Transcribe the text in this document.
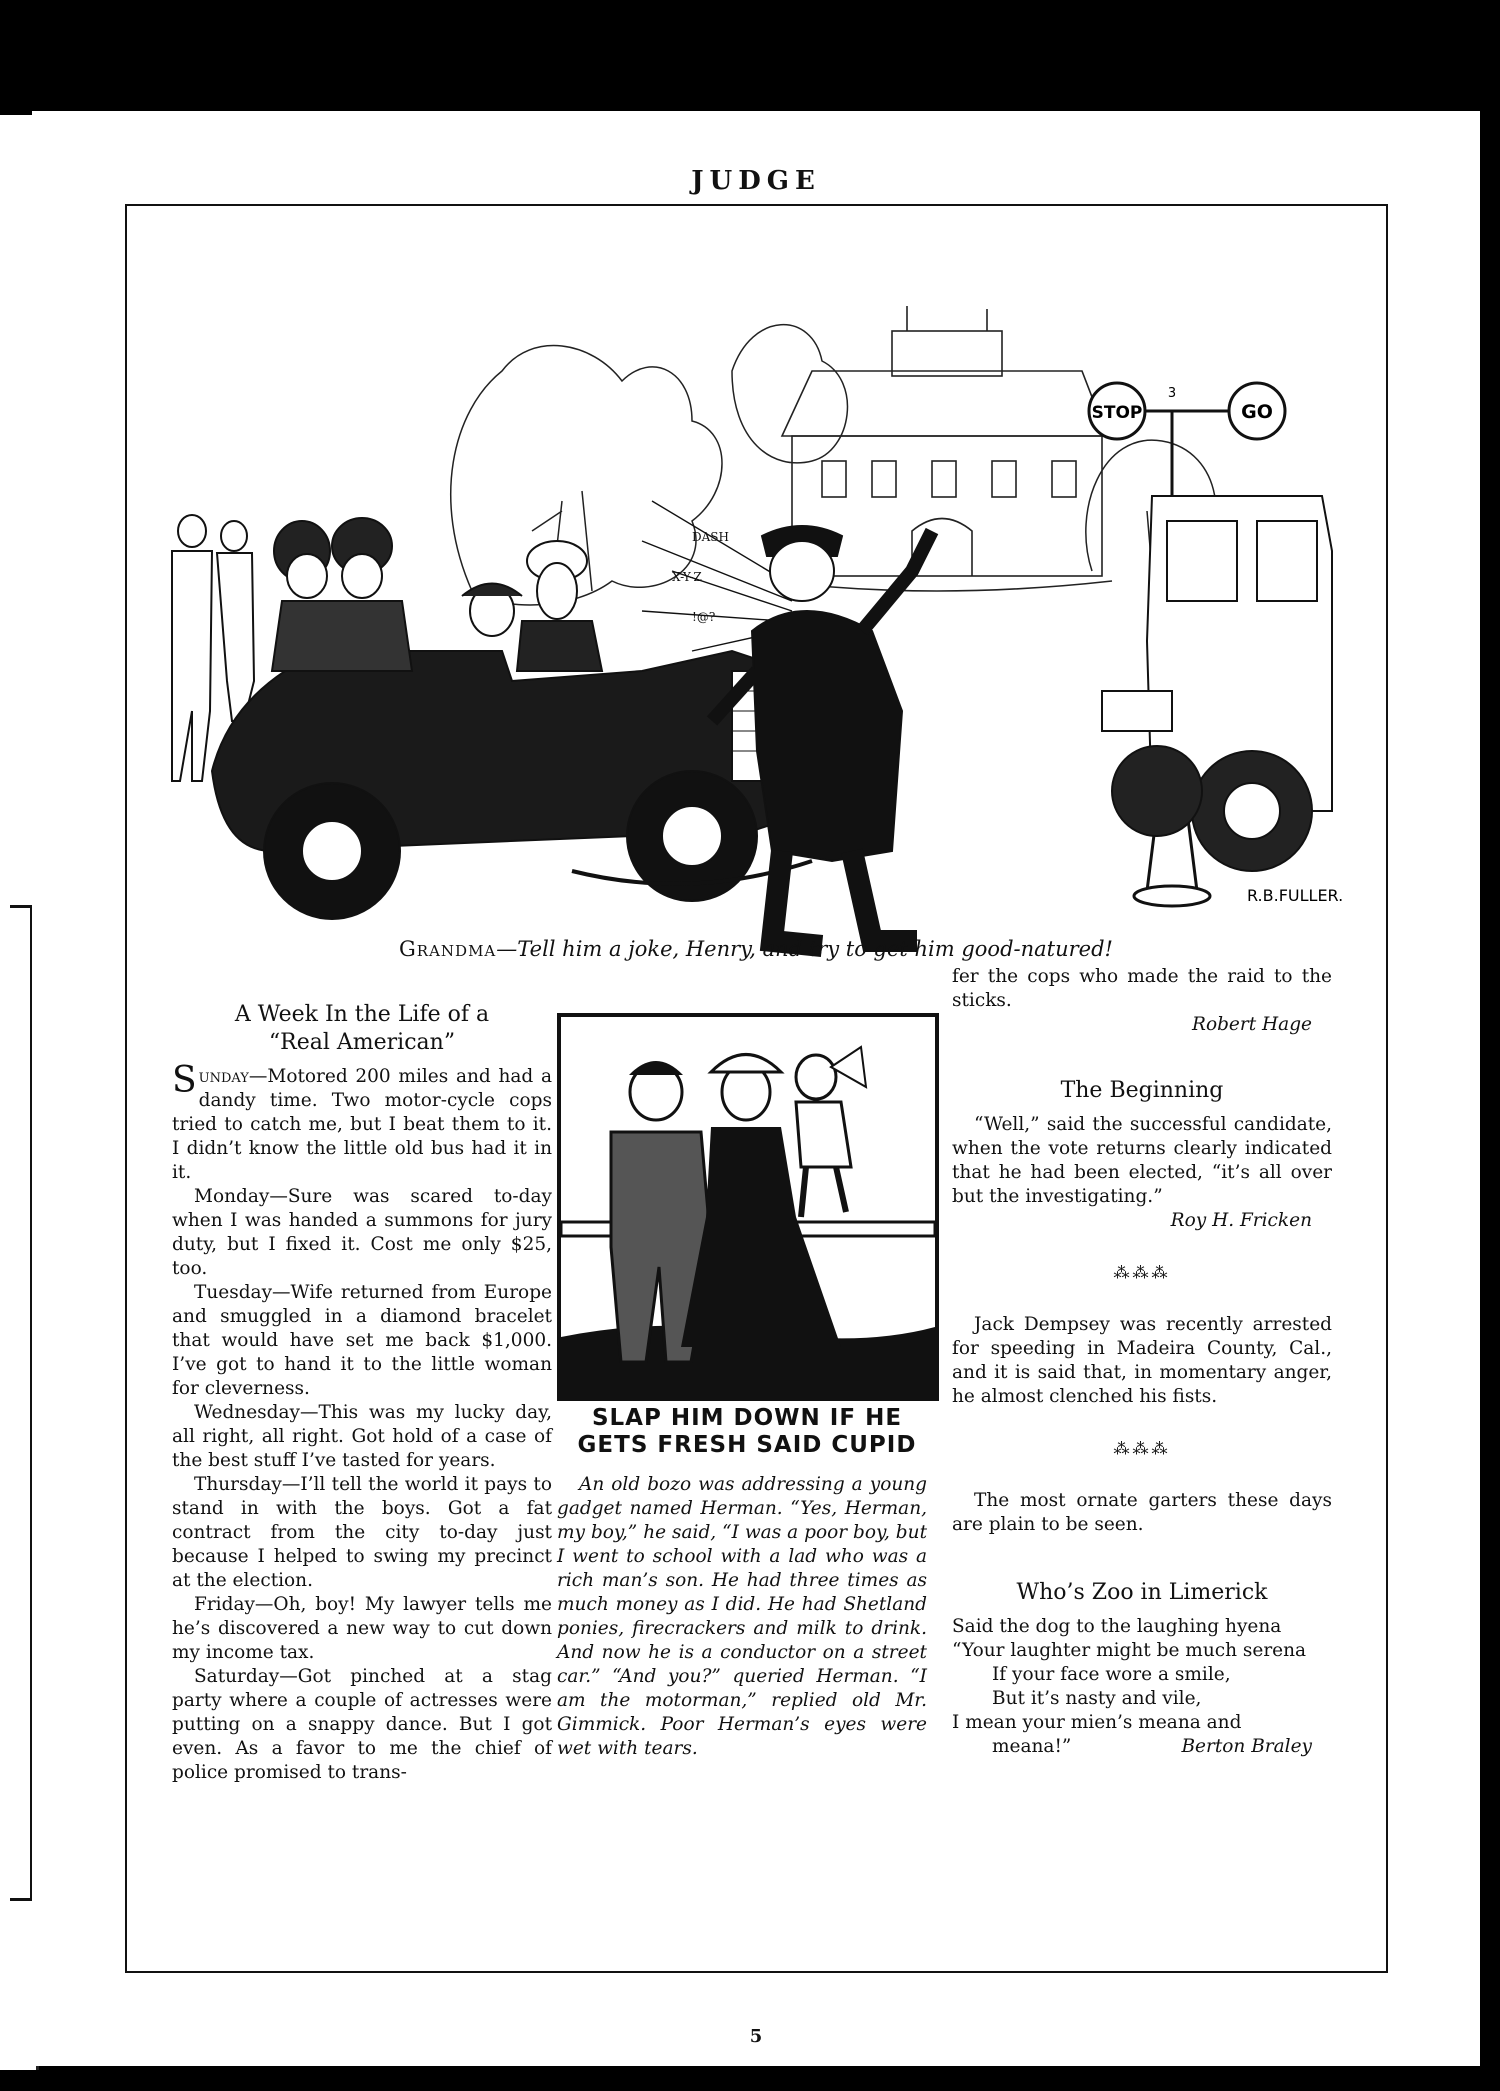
JUDGE
STOP	GO
3
DASH
X-Y-Z
!@?
R.B.FULLER.
Grandma—Tell him a joke, Henry, and try to get him good-natured!
A Week In the Life of a
“Real American”

Sunday—Motored 200 miles and had a dandy time. Two motor-cycle cops tried to catch me, but I beat them to it. I didn’t know the little old bus had it in it.

Monday—Sure was scared to-day when I was handed a summons for jury duty, but I fixed it. Cost me only $25, too.

Tuesday—Wife returned from Europe and smuggled in a diamond bracelet that would have set me back $1,000. I’ve got to hand it to the little woman for cleverness.

Wednesday—This was my lucky day, all right, all right. Got hold of a case of the best stuff I’ve tasted for years.

Thursday—I’ll tell the world it pays to stand in with the boys. Got a fat contract from the city to-day just because I helped to swing my precinct at the election.

Friday—Oh, boy! My lawyer tells me he’s discovered a new way to cut down my income tax.

Saturday—Got pinched at a stag party where a couple of actresses were putting on a snappy dance. But I got even. As a favor to me the chief of police promised to trans-

SLAP HIM DOWN IF HE
GETS FRESH SAID CUPID

An old bozo was addressing a young gadget named Herman. “Yes, Herman, my boy,” he said, “I was a poor boy, but I went to school with a lad who was a rich man’s son. He had three times as much money as I did. He had Shetland ponies, firecrackers and milk to drink. And now he is a conductor on a street car.” “And you?” queried Herman. “I am the motorman,” replied old Mr. Gimmick. Poor Herman’s eyes were wet with tears.

fer the cops who made the raid to the sticks.

Robert Hage
The Beginning

“Well,” said the successful candidate, when the vote returns clearly indicated that he had been elected, “it’s all over but the investigating.”

Roy H. Fricken
⁂⁂⁂

Jack Dempsey was recently arrested for speeding in Madeira County, Cal., and it is said that, in momentary anger, he almost clenched his fists.

⁂⁂⁂

The most ornate garters these days are plain to be seen.

Who’s Zoo in Limerick
Said the dog to the laughing hyena
“Your laughter might be much serena
If your face wore a smile,
But it’s nasty and vile,
I mean your mien’s meana and
meana!”	Berton Braley
5	comicbooks.com
